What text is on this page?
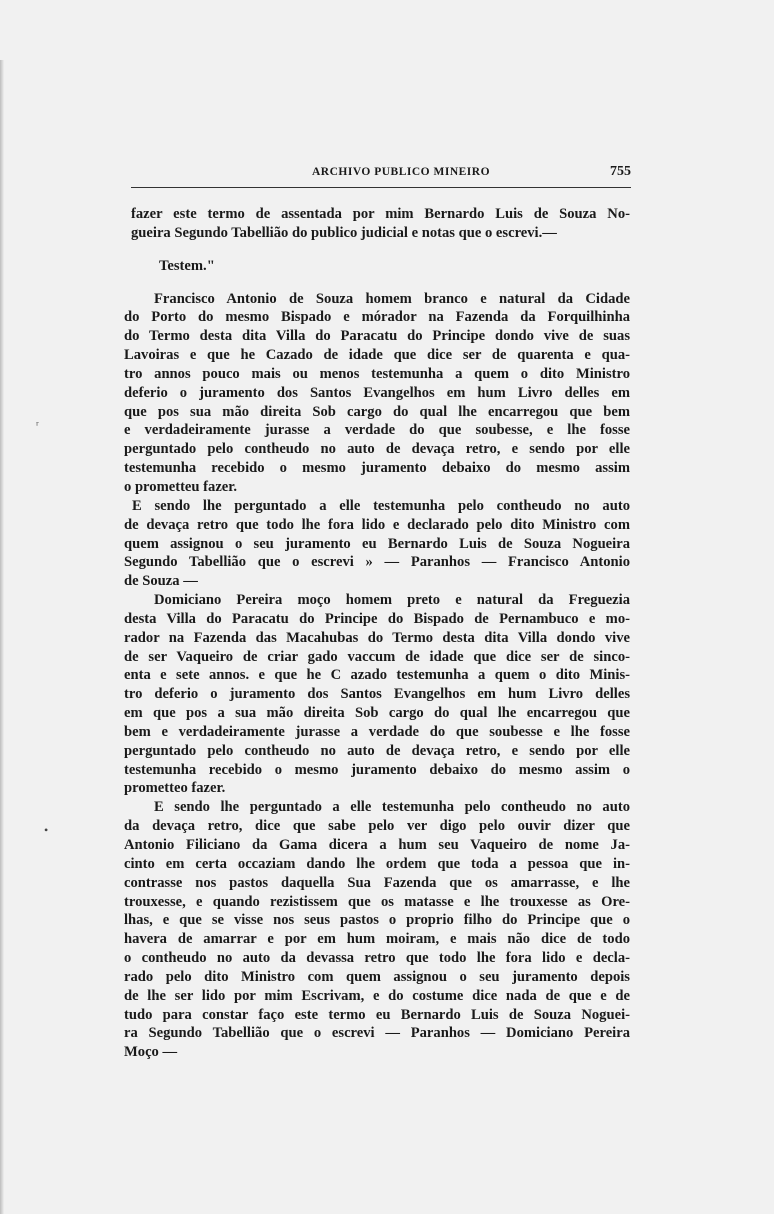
ARCHIVO PUBLICO MINEIRO	755
ʳ
•
fazer este termo de assentada por mim Bernardo Luis de Souza No-
gueira Segundo Tabellião do publico judicial e notas que o escrevi.—
Testem."
Francisco Antonio de Souza homem branco e natural da Cidade
do Porto do mesmo Bispado e mórador na Fazenda da Forquilhinha
do Termo desta dita Villa do Paracatu do Principe dondo vive de suas
Lavoiras e que he Cazado de idade que dice ser de quarenta e qua-
tro annos pouco mais ou menos testemunha a quem o dito Ministro
deferio o juramento dos Santos Evangelhos em hum Livro delles em
que pos sua mão direita Sob cargo do qual lhe encarregou que bem
e verdadeiramente jurasse a verdade do que soubesse, e lhe fosse
perguntado pelo contheudo no auto de devaça retro, e sendo por elle
testemunha recebido o mesmo juramento debaixo do mesmo assim
o prometteu fazer.
E sendo lhe perguntado a elle testemunha pelo contheudo no auto
de devaça retro que todo lhe fora lido e declarado pelo dito Ministro com
quem assignou o seu juramento eu Bernardo Luis de Souza Nogueira
Segundo Tabellião que o escrevi » — Paranhos — Francisco Antonio
de Souza —
Domiciano Pereira moço homem preto e natural da Freguezia
desta Villa do Paracatu do Principe do Bispado de Pernambuco e mo-
rador na Fazenda das Macahubas do Termo desta dita Villa dondo vive
de ser Vaqueiro de criar gado vaccum de idade que dice ser de sinco-
enta e sete annos. e que he C azado testemunha a quem o dito Minis-
tro deferio o juramento dos Santos Evangelhos em hum Livro delles
em que pos a sua mão direita Sob cargo do qual lhe encarregou que
bem e verdadeiramente jurasse a verdade do que soubesse e lhe fosse
perguntado pelo contheudo no auto de devaça retro, e sendo por elle
testemunha recebido o mesmo juramento debaixo do mesmo assim o
prometteo fazer.
E sendo lhe perguntado a elle testemunha pelo contheudo no auto
da devaça retro, dice que sabe pelo ver digo pelo ouvir dizer que
Antonio Filiciano da Gama dicera a hum seu Vaqueiro de nome Ja-
cinto em certa occaziam dando lhe ordem que toda a pessoa que in-
contrasse nos pastos daquella Sua Fazenda que os amarrasse, e lhe
trouxesse, e quando rezistissem que os matasse e lhe trouxesse as Ore-
lhas, e que se visse nos seus pastos o proprio filho do Principe que o
havera de amarrar e por em hum moiram, e mais não dice de todo
o contheudo no auto da devassa retro que todo lhe fora lido e decla-
rado pelo dito Ministro com quem assignou o seu juramento depois
de lhe ser lido por mim Escrivam, e do costume dice nada de que e de
tudo para constar faço este termo eu Bernardo Luis de Souza Noguei-
ra Segundo Tabellião que o escrevi — Paranhos — Domiciano Pereira
Moço —
